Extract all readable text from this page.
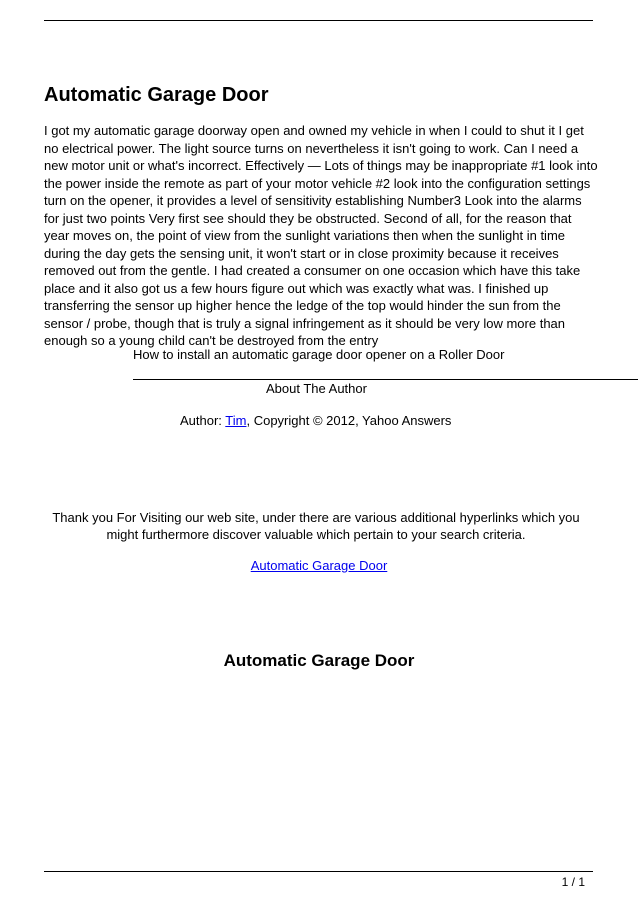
Automatic Garage Door
I got my automatic garage doorway open and owned my vehicle in when I could to shut it I get
no electrical power. The light source turns on nevertheless it isn't going to work. Can I need a
new motor unit or what's incorrect. Effectively — Lots of things may be inappropriate #1 look into
the power inside the remote as part of your motor vehicle #2 look into the configuration settings
turn on the opener, it provides a level of sensitivity establishing Number3 Look into the alarms
for just two points Very first see should they be obstructed. Second of all, for the reason that
year moves on, the point of view from the sunlight variations then when the sunlight in time
during the day gets the sensing unit, it won't start or in close proximity because it receives
removed out from the gentle. I had created a consumer on one occasion which have this take
place and it also got us a few hours figure out which was exactly what was. I finished up
transferring the sensor up higher hence the ledge of the top would hinder the sun from the
sensor / probe, though that is truly a signal infringement as it should be very low more than
enough so a young child can't be destroyed from the entry
How to install an automatic garage door opener on a Roller Door
About The Author
Author: Tim, Copyright © 2012, Yahoo Answers
Thank you For Visiting our web site, under there are various additional hyperlinks which you
might furthermore discover valuable which pertain to your search criteria.
Automatic Garage Door
Automatic Garage Door
1 / 1
